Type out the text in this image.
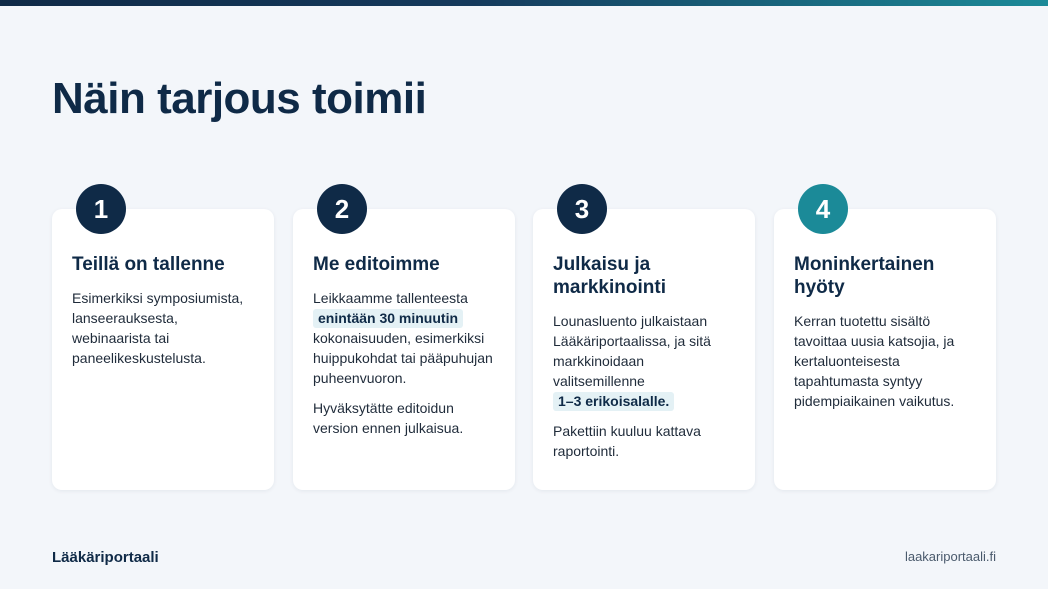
Näin tarjous toimii
1
Teillä on tallenne

Esimerkiksi symposiumista, lanseerauksesta, webinaarista tai paneelikeskustelusta.

2
Me editoimme

Leikkaamme tallenteesta
enintään 30 minuutin
kokonaisuuden, esimerkiksi huippukohdat tai pääpuhujan puheenvuoron.

Hyväksytätte editoidun version ennen julkaisua.

3
Julkaisu ja markkinointi

Lounasluento julkaistaan Lääkäriportaalissa, ja sitä markkinoidaan valitsemillenne
1–3 erikoisalalle.

Pakettiin kuuluu kattava raportointi.

4
Moninkertainen hyöty

Kerran tuotettu sisältö tavoittaa uusia katsojia, ja kertaluonteisesta tapahtumasta syntyy pidempiaikainen vaikutus.

Lääkäriportaali	laakariportaali.fi
